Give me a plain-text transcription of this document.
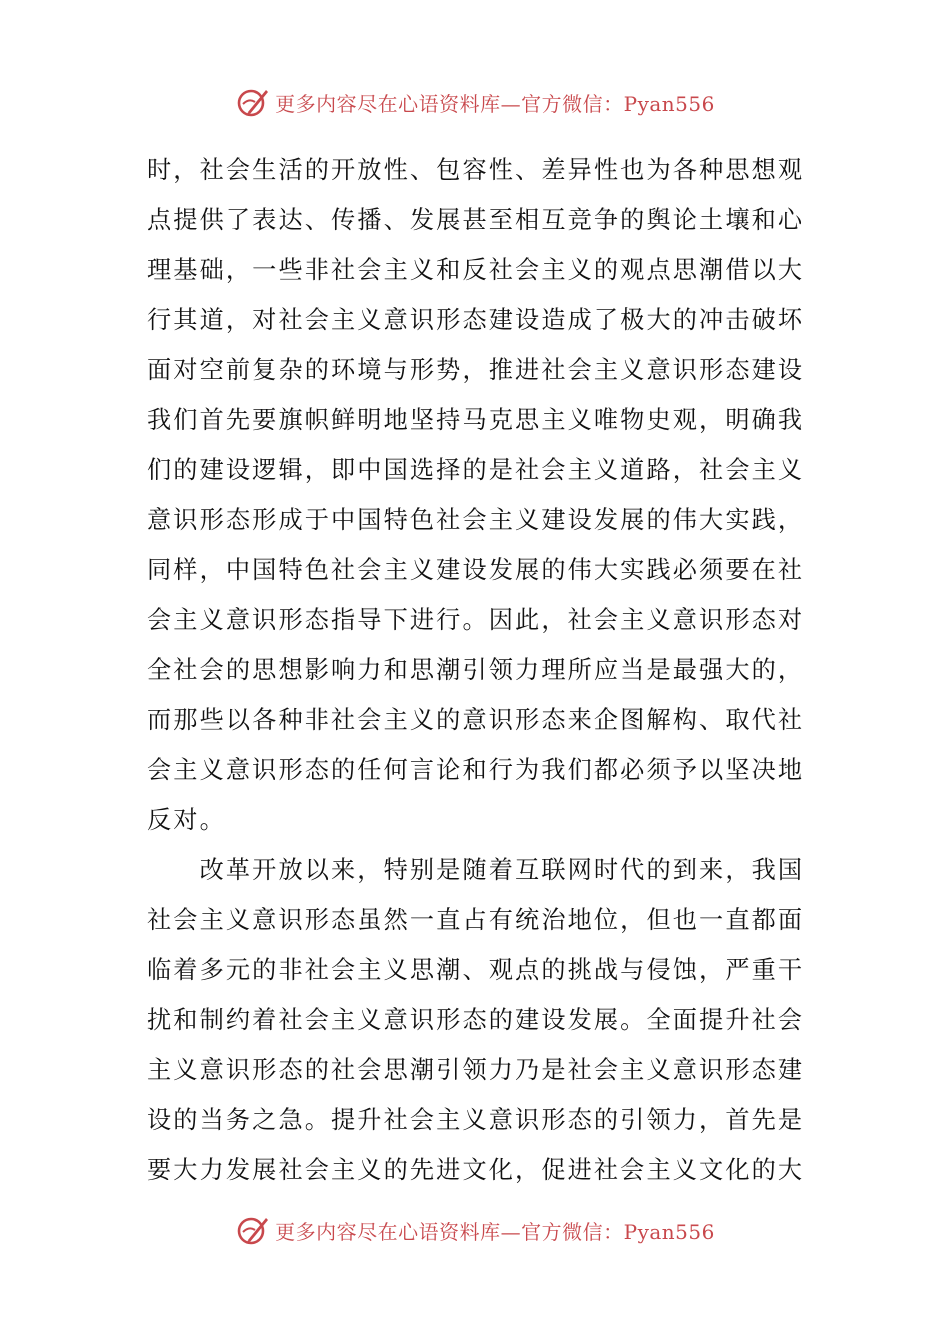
更多内容尽在心语资料库—官方微信：Pyan556
时，社会生活的开放性、包容性、差异性也为各种思想观
点提供了表达、传播、发展甚至相互竞争的舆论土壤和心
理基础，一些非社会主义和反社会主义的观点思潮借以大
行其道，对社会主义意识形态建设造成了极大的冲击破坏
面对空前复杂的环境与形势，推进社会主义意识形态建设
我们首先要旗帜鲜明地坚持马克思主义唯物史观，明确我
们的建设逻辑，即中国选择的是社会主义道路，社会主义
意识形态形成于中国特色社会主义建设发展的伟大实践，
同样，中国特色社会主义建设发展的伟大实践必须要在社
会主义意识形态指导下进行。因此，社会主义意识形态对
全社会的思想影响力和思潮引领力理所应当是最强大的，
而那些以各种非社会主义的意识形态来企图解构、取代社
会主义意识形态的任何言论和行为我们都必须予以坚决地
反对。
　　改革开放以来，特别是随着互联网时代的到来，我国
社会主义意识形态虽然一直占有统治地位，但也一直都面
临着多元的非社会主义思潮、观点的挑战与侵蚀，严重干
扰和制约着社会主义意识形态的建设发展。全面提升社会
主义意识形态的社会思潮引领力乃是社会主义意识形态建
设的当务之急。提升社会主义意识形态的引领力，首先是
要大力发展社会主义的先进文化，促进社会主义文化的大
更多内容尽在心语资料库—官方微信：Pyan556
